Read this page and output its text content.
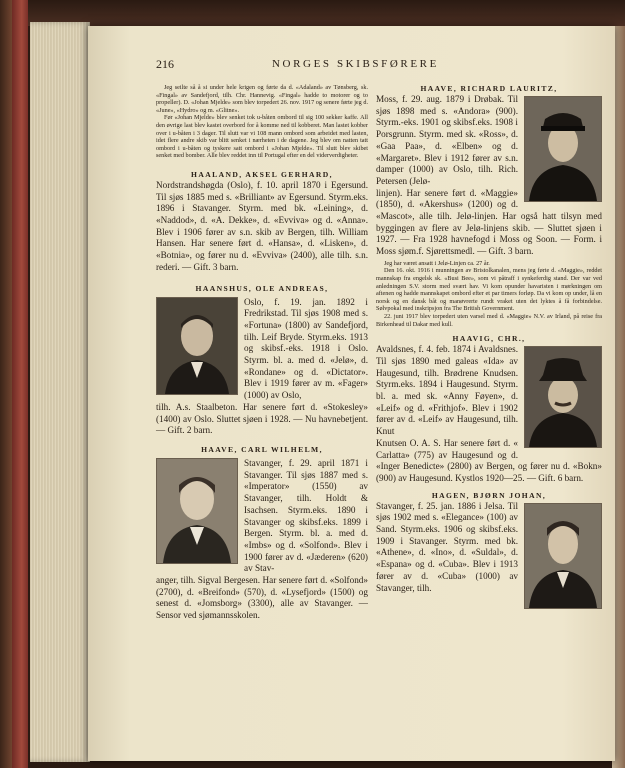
216	NORGES SKIBSFØRERE

Jeg seilte så å si under hele krigen og førte da d. «Adaland» av Tønsberg, sk. «Fingal» av Sandefjord, tilh. Chr. Hannevig. «Fingal» hadde to motorer og to propeller). D. «Johan Mjelde» som blev torpedert 26. nov. 1917 og senere førte jeg d. «June», «Hydro» og m. «Glitne».

Før «Johan Mjelde» blev senket tok u-båten ombord til sig 100 sekker kaffe. All den øvrige last blev kastet overbord for å komme ned til kobberet. Man lastet kobber over i u-båten i 3 dager. Til slutt var vi 108 mann ombord som arbeidet med lasten, idet flere andre skib var blitt senket i nærheten i de dagene. Jeg blev om natten tatt ombord i u-båten og tyskere satt ombord i «Johan Mjelde». Til slutt blev skibet senket med bomber. Alle blev reddet inn til Portugal efter en del viderverdigheter.

HAALAND, AKSEL GERHARD,

Nordstrandshøgda (Oslo), f. 10. april 1870 i Egersund. Til sjøs 1885 med s. «Brilliant» av Egersund. Styrm.eks. 1896 i Stavanger. Styrm. med bk. «Leining», d. «Naddod», d. «A. Dekke», d. «Evviva» og d. «Anna». Blev i 1906 fører av s.n. skib av Bergen, tilh. William Hansen. Har senere ført d. «Hansa», d. «Lisken», d. «Botnia», og fører nu d. «Evviva» (2400), alle tilh. s.n. rederi. — Gift. 3 barn.

HAANSHUS, OLE ANDREAS,

Oslo, f. 19. jan. 1892 i Fredrikstad. Til sjøs 1908 med s. «Fortuna» (1800) av Sandefjord, tilh. Leif Bryde. Styrm.eks. 1913 og skibsf.-eks. 1918 i Oslo. Styrm. bl. a. med d. «Jelø», d. «Rondane» og d. «Dictator». Blev i 1919 fører av m. «Fager» (1000) av Oslo,

tilh. A.s. Staalbeton. Har senere ført d. «Stokesley» (1400) av Oslo. Sluttet sjøen i 1928. — Nu havnebetjent. — Gift. 2 barn.

HAAVE, CARL WILHELM,

Stavanger, f. 29. april 1871 i Stavanger. Til sjøs 1887 med s. «Imperator» (1550) av Stavanger, tilh. Holdt & Isachsen. Styrm.eks. 1890 i Stavanger og skibsf.eks. 1899 i Bergen. Styrm. bl. a. med d. «Imbs» og d. «Solfond». Blev i 1900 fører av d. «Jæderen» (620) av Stav-

anger, tilh. Sigval Bergesen. Har senere ført d. «Solfond» (2700), d. «Breifond» (570), d. «Lysefjord» (1500) og senest d. «Jomsborg» (3300), alle av Stavanger. — Sensor ved sjømannsskolen.

HAAVE, RICHARD LAURITZ,

Moss, f. 29. aug. 1879 i Drøbak. Til sjøs 1898 med s. «Andora» (900). Styrm.-eks. 1901 og skibsf.eks. 1908 i Porsgrunn. Styrm. med sk. «Ross», d. «Gaa Paa», d. «Elben» og d. «Margaret». Blev i 1912 fører av s.n. damper (1000) av Oslo, tilh. Rich. Petersen (Jelø-

linjen). Har senere ført d. «Maggie» (1850), d. «Akershus» (1200) og d. «Mascot», alle tilh. Jelø-linjen. Har også hatt tilsyn med byggingen av flere av Jelø-linjens skib. — Sluttet sjøen i 1927. — Fra 1928 havnefogd i Moss og Soon. — Form. i Moss sjøm.f. Sjørettsmedl. — Gift. 3 barn.

Jeg har været ansatt i Jelø-Linjen ca. 27 år.

Den 16. okt. 1916 i munningen av Bristolkanalen, mens jeg førte d. «Maggie», reddet mannskap fra engelsk sk. «Busi Bee», som vi påtraff i synkeferdig stand. Der var ved anledningen S.V. storm med svært hav. Vi kom opunder havaristen i mørkningen om aftenen og hadde mannskapet ombord efter et par timers forløp. Da vi kom op under, lå en norsk og en dansk båt og manøvrerte rundt vraket uten det lyktes å få forbindelse. Sølvpokal med inskripsjon fra The British Government.

22. juni 1917 blev torpedert uten varsel med d. «Maggie» N.V. av Irland, på reise fra Birkenhead til Dakar med kull.

HAAVIG, CHR.,

Avaldsnes, f. 4. feb. 1874 i Avaldsnes. Til sjøs 1890 med galeas «Ida» av Haugesund, tilh. Brødrene Knudsen. Styrm.eks. 1894 i Haugesund. Styrm. bl. a. med sk. «Anny Føyen», d. «Leif» og d. «Frithjof». Blev i 1902 fører av d. «Leif» av Haugesund, tilh. Knut

Knutsen O. A. S. Har senere ført d. « Carlatta» (775) av Haugesund og d. «Inger Benedicte» (2800) av Bergen, og fører nu d. «Bokn» (900) av Haugesund. Kystlos 1920—25. — Gift. 6 barn.

HAGEN, BJØRN JOHAN,

Stavanger, f. 25. jan. 1886 i Jelsa. Til sjøs 1902 med s. «Elegance» (100) av Sand. Styrm.eks. 1906 og skibsf.eks. 1909 i Stavanger. Styrm. med bk. «Athene», d. «Ino», d. «Suldal», d. «Espana» og d. «Cuba». Blev i 1913 fører av d. «Cuba» (1000) av Stavanger, tilh.
